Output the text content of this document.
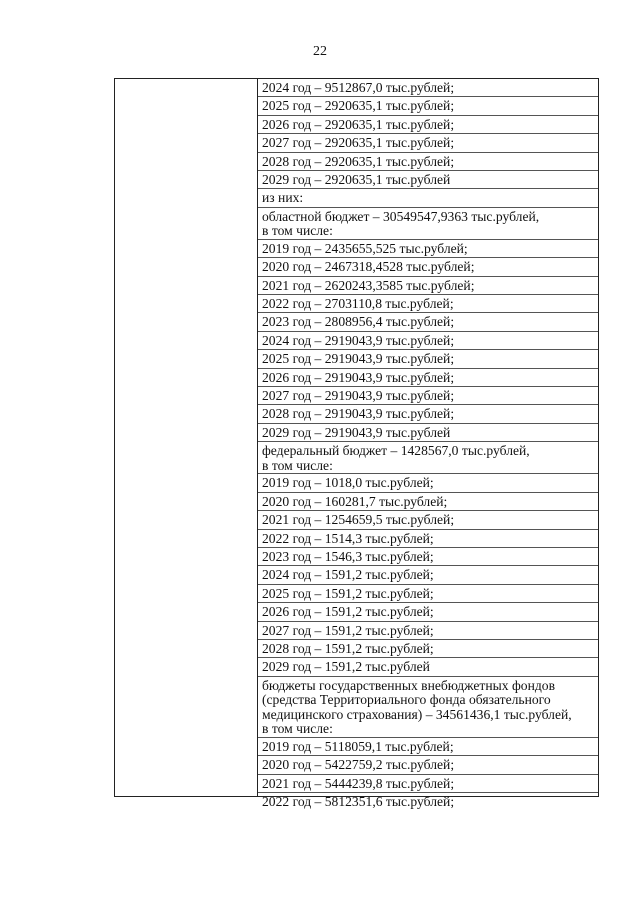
22
2024 год – 9512867,0 тыс.рублей;
2025 год – 2920635,1 тыс.рублей;
2026 год – 2920635,1 тыс.рублей;
2027 год – 2920635,1 тыс.рублей;
2028 год – 2920635,1 тыс.рублей;
2029 год – 2920635,1 тыс.рублей
из них:
областной бюджет – 30549547,9363 тыс.рублей,
в том числе:
2019 год – 2435655,525 тыс.рублей;
2020 год – 2467318,4528 тыс.рублей;
2021 год – 2620243,3585 тыс.рублей;
2022 год – 2703110,8 тыс.рублей;
2023 год – 2808956,4 тыс.рублей;
2024 год – 2919043,9 тыс.рублей;
2025 год – 2919043,9 тыс.рублей;
2026 год – 2919043,9 тыс.рублей;
2027 год – 2919043,9 тыс.рублей;
2028 год – 2919043,9 тыс.рублей;
2029 год – 2919043,9 тыс.рублей
федеральный бюджет – 1428567,0 тыс.рублей,
в том числе:
2019 год – 1018,0 тыс.рублей;
2020 год – 160281,7 тыс.рублей;
2021 год – 1254659,5 тыс.рублей;
2022 год – 1514,3 тыс.рублей;
2023 год – 1546,3 тыс.рублей;
2024 год – 1591,2 тыс.рублей;
2025 год – 1591,2 тыс.рублей;
2026 год – 1591,2 тыс.рублей;
2027 год – 1591,2 тыс.рублей;
2028 год – 1591,2 тыс.рублей;
2029 год – 1591,2 тыс.рублей
бюджеты государственных внебюджетных фондов
(средства Территориального фонда обязательного
медицинского страхования) – 34561436,1 тыс.рублей,
в том числе:
2019 год – 5118059,1 тыс.рублей;
2020 год – 5422759,2 тыс.рублей;
2021 год – 5444239,8 тыс.рублей;
2022 год – 5812351,6 тыс.рублей;
